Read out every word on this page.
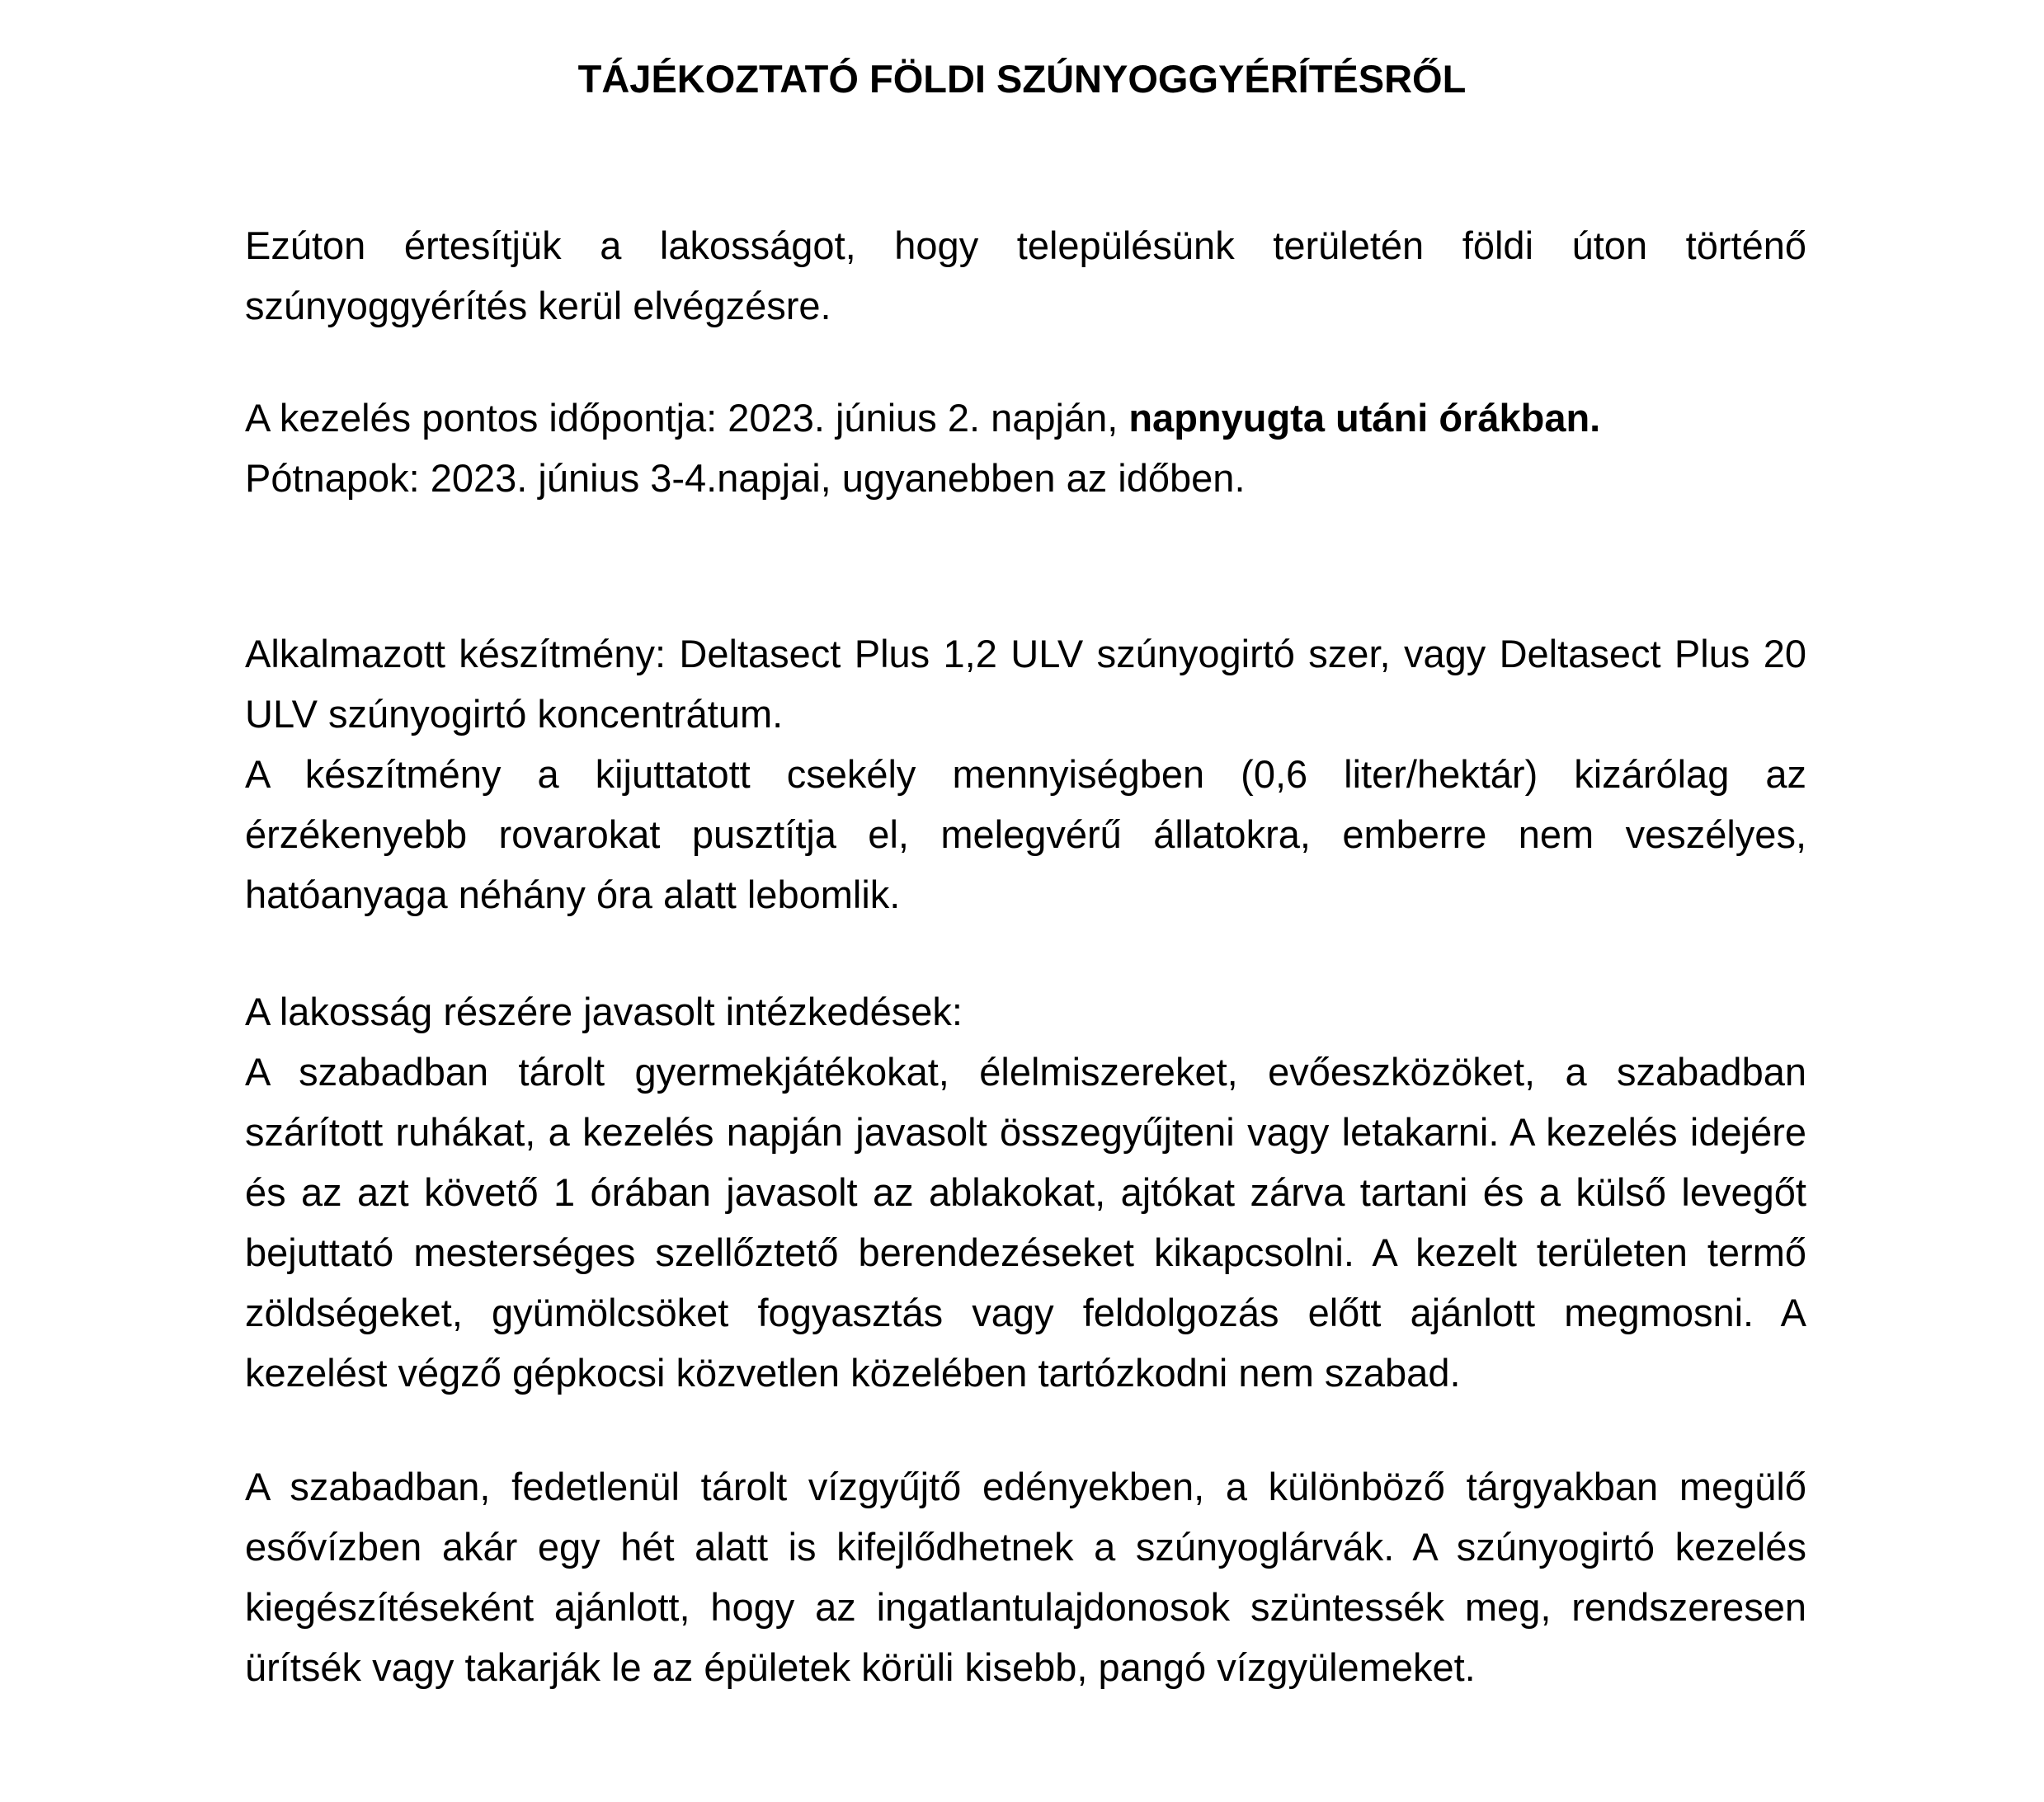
TÁJÉKOZTATÓ FÖLDI SZÚNYOGGYÉRÍTÉSRŐL

Ezúton értesítjük a lakosságot, hogy településünk területén földi úton történő szúnyoggyérítés kerül elvégzésre.

A kezelés pontos időpontja: 2023. június 2. napján, napnyugta utáni órákban.

Pótnapok: 2023. június 3-4.napjai, ugyanebben az időben.

Alkalmazott készítmény: Deltasect Plus 1,2 ULV szúnyogirtó szer, vagy Deltasect Plus 20 ULV szúnyogirtó koncentrátum.

A készítmény a kijuttatott csekély mennyiségben (0,6 liter/hektár) kizárólag az érzékenyebb rovarokat pusztítja el, melegvérű állatokra, emberre nem veszélyes, hatóanyaga néhány óra alatt lebomlik.

A lakosság részére javasolt intézkedések:

A szabadban tárolt gyermekjátékokat, élelmiszereket, evőeszközöket, a szabadban szárított ruhákat, a kezelés napján javasolt összegyűjteni vagy letakarni. A kezelés idejére és az azt követő 1 órában javasolt az ablakokat, ajtókat zárva tartani és a külső levegőt bejuttató mesterséges szellőztető berendezéseket kikapcsolni. A kezelt területen termő zöldségeket, gyümölcsöket fogyasztás vagy feldolgozás előtt ajánlott megmosni. A kezelést végző gépkocsi közvetlen közelében tartózkodni nem szabad.

A szabadban, fedetlenül tárolt vízgyűjtő edényekben, a különböző tárgyakban megülő esővízben akár egy hét alatt is kifejlődhetnek a szúnyoglárvák. A szúnyogirtó kezelés kiegészítéseként ajánlott, hogy az ingatlantulajdonosok szüntessék meg, rendszeresen ürítsék vagy takarják le az épületek körüli kisebb, pangó vízgyülemeket.
